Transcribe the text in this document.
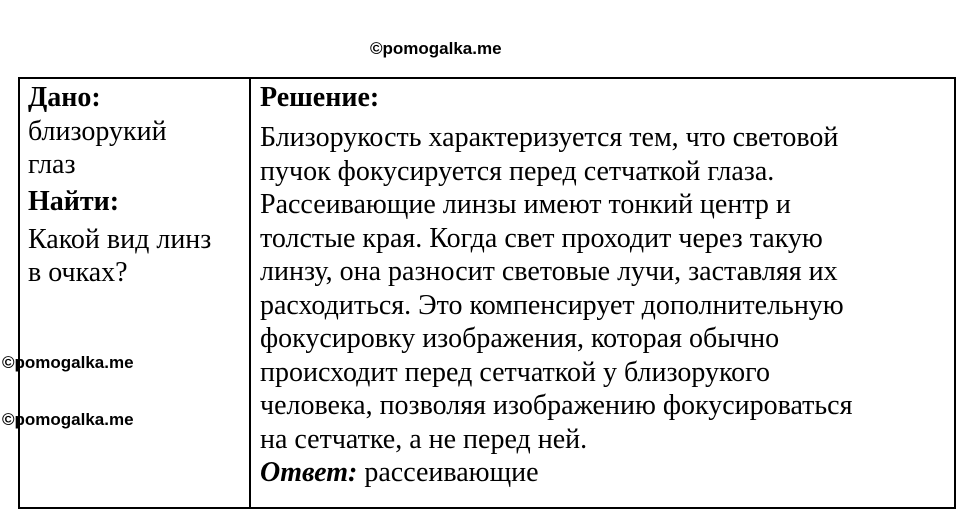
©pomogalka.me
©pomogalka.me
©pomogalka.me
Дано:
близорукий
глаз
Найти:
Какой вид линз
в очках?
Решение:
Близорукость характеризуется тем, что световой
пучок фокусируется перед сетчаткой глаза.
Рассеивающие линзы имеют тонкий центр и
толстые края. Когда свет проходит через такую
линзу, она разносит световые лучи, заставляя их
расходиться. Это компенсирует дополнительную
фокусировку изображения, которая обычно
происходит перед сетчаткой у близорукого
человека, позволяя изображению фокусироваться
на сетчатке, а не перед ней.
Ответ: рассеивающие
